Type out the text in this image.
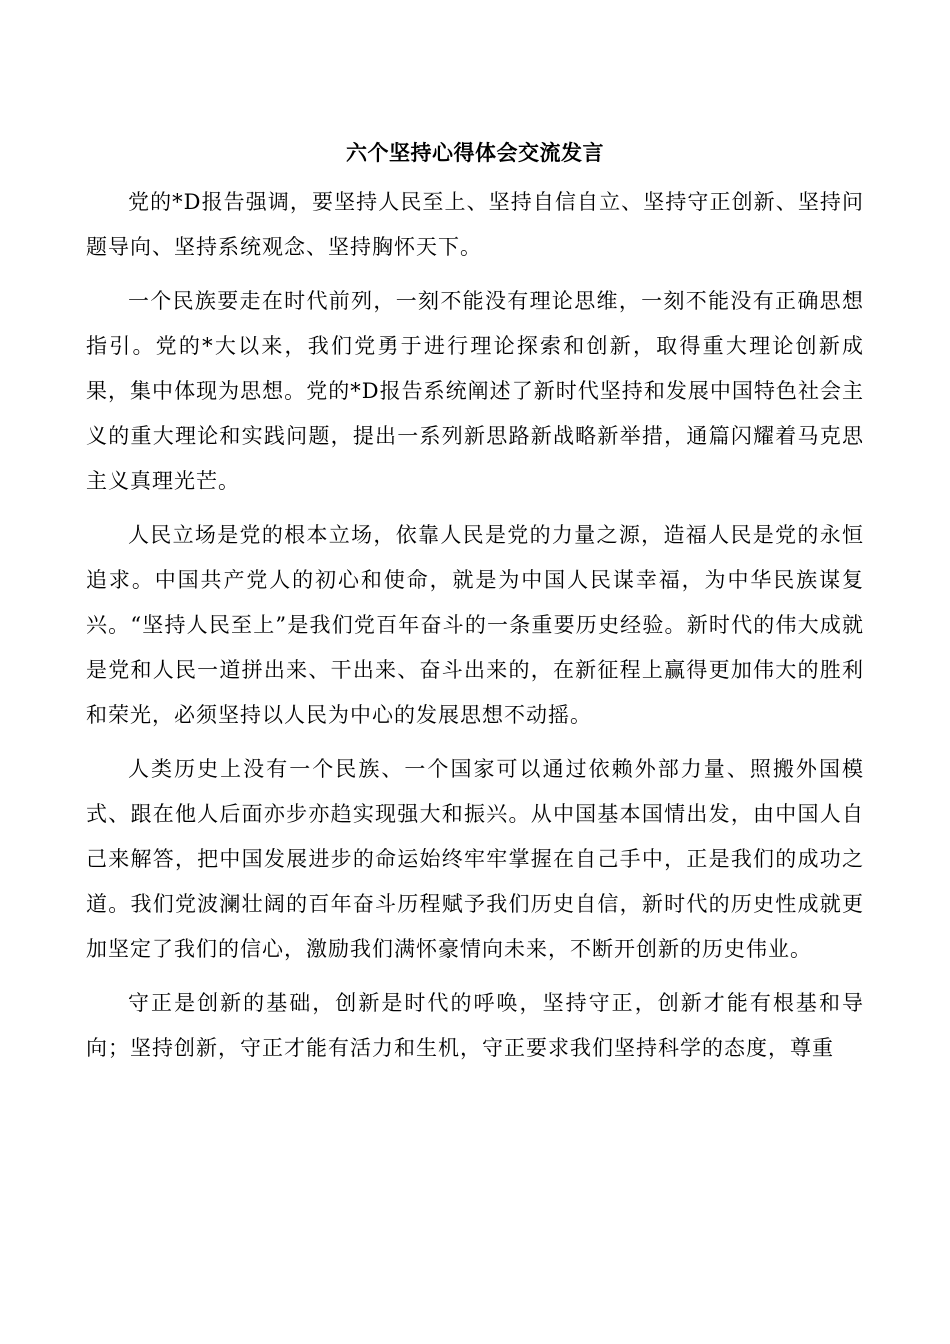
六个坚持心得体会交流发言

党的*D报告强调，要坚持人民至上、坚持自信自立、坚持守正创新、坚持问题导向、坚持系统观念、坚持胸怀天下。

一个民族要走在时代前列，一刻不能没有理论思维，一刻不能没有正确思想指引。党的*大以来，我们党勇于进行理论探索和创新，取得重大理论创新成果，集中体现为思想。党的*D报告系统阐述了新时代坚持和发展中国特色社会主义的重大理论和实践问题，提出一系列新思路新战略新举措，通篇闪耀着马克思主义真理光芒。

人民立场是党的根本立场，依靠人民是党的力量之源，造福人民是党的永恒追求。中国共产党人的初心和使命，就是为中国人民谋幸福，为中华民族谋复兴。“坚持人民至上”是我们党百年奋斗的一条重要历史经验。新时代的伟大成就是党和人民一道拼出来、干出来、奋斗出来的，在新征程上赢得更加伟大的胜利和荣光，必须坚持以人民为中心的发展思想不动摇。

人类历史上没有一个民族、一个国家可以通过依赖外部力量、照搬外国模式、跟在他人后面亦步亦趋实现强大和振兴。从中国基本国情出发，由中国人自己来解答，把中国发展进步的命运始终牢牢掌握在自己手中，正是我们的成功之道。我们党波澜壮阔的百年奋斗历程赋予我们历史自信，新时代的历史性成就更加坚定了我们的信心，激励我们满怀豪情向未来，不断开创新的历史伟业。

守正是创新的基础，创新是时代的呼唤，坚持守正，创新才能有根基和导向；坚持创新，守正才能有活力和生机，守正要求我们坚持科学的态度，尊重
